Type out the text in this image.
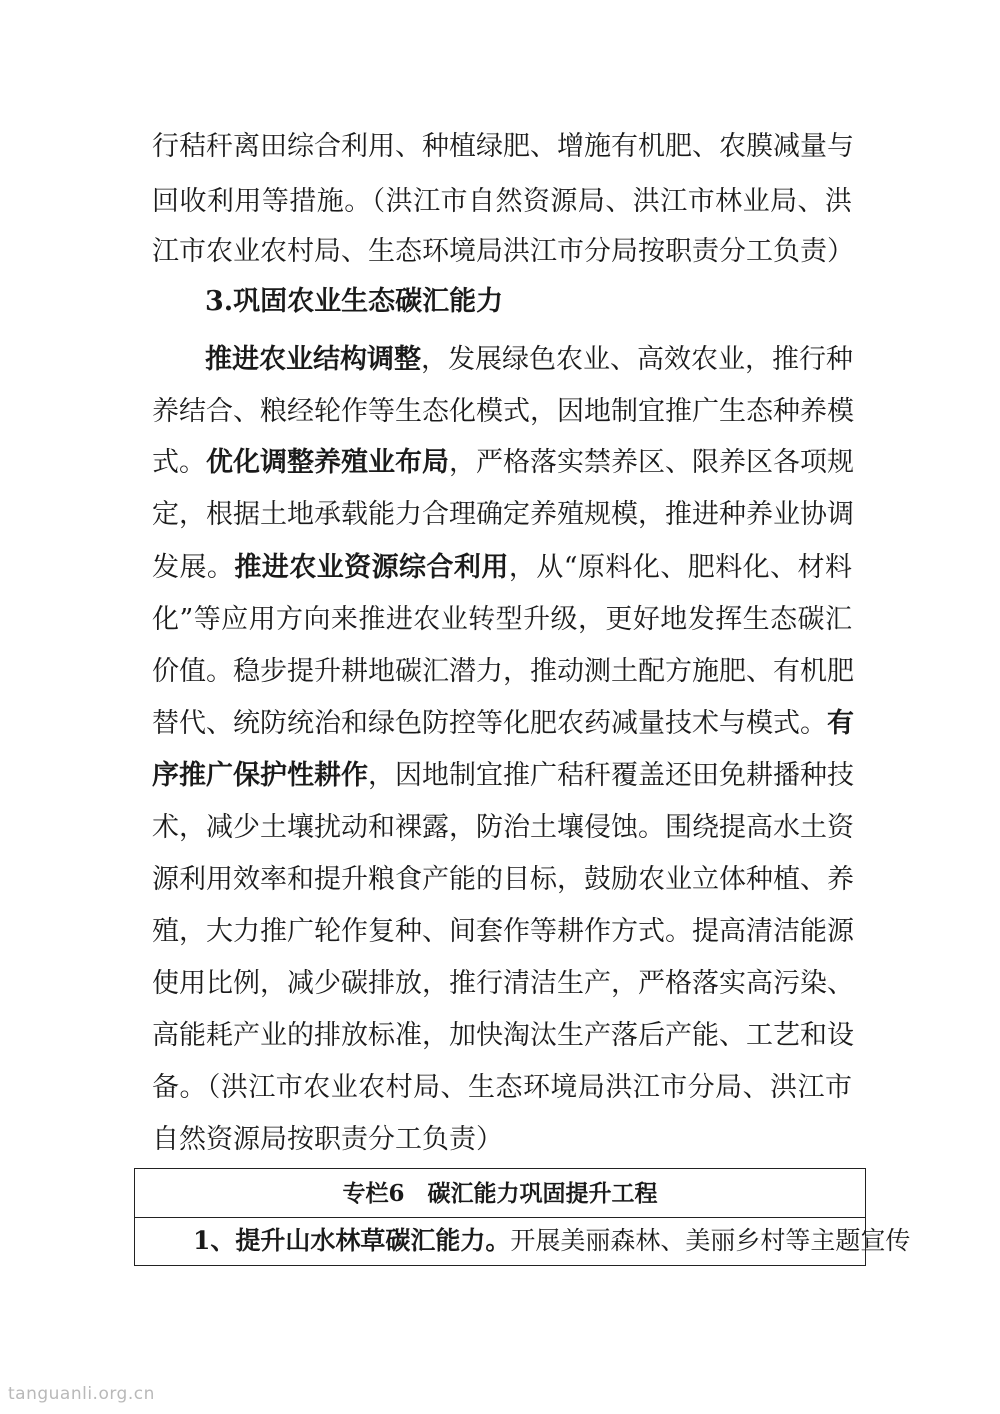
行秸秆离田综合利用、种植绿肥、增施有机肥、农膜减量与
回收利用等措施。（洪江市自然资源局、洪江市林业局、洪
江市农业农村局、生态环境局洪江市分局按职责分工负责）
3.巩固农业生态碳汇能力
推进农业结构调整，发展绿色农业、高效农业，推行种
养结合、粮经轮作等生态化模式，因地制宜推广生态种养模
式。优化调整养殖业布局，严格落实禁养区、限养区各项规
定，根据土地承载能力合理确定养殖规模，推进种养业协调
发展。推进农业资源综合利用，从“原料化、肥料化、材料
化”等应用方向来推进农业转型升级，更好地发挥生态碳汇
价值。稳步提升耕地碳汇潜力，推动测土配方施肥、有机肥
替代、统防统治和绿色防控等化肥农药减量技术与模式。有
序推广保护性耕作，因地制宜推广秸秆覆盖还田免耕播种技
术，减少土壤扰动和裸露，防治土壤侵蚀。围绕提高水土资
源利用效率和提升粮食产能的目标，鼓励农业立体种植、养
殖，大力推广轮作复种、间套作等耕作方式。提高清洁能源
使用比例，减少碳排放，推行清洁生产，严格落实高污染、
高能耗产业的排放标准，加快淘汰生产落后产能、工艺和设
备。（洪江市农业农村局、生态环境局洪江市分局、洪江市
自然资源局按职责分工负责）
专栏6　碳汇能力巩固提升工程
1、提升山水林草碳汇能力。开展美丽森林、美丽乡村等主题宣传
tanguanli.org.cn
